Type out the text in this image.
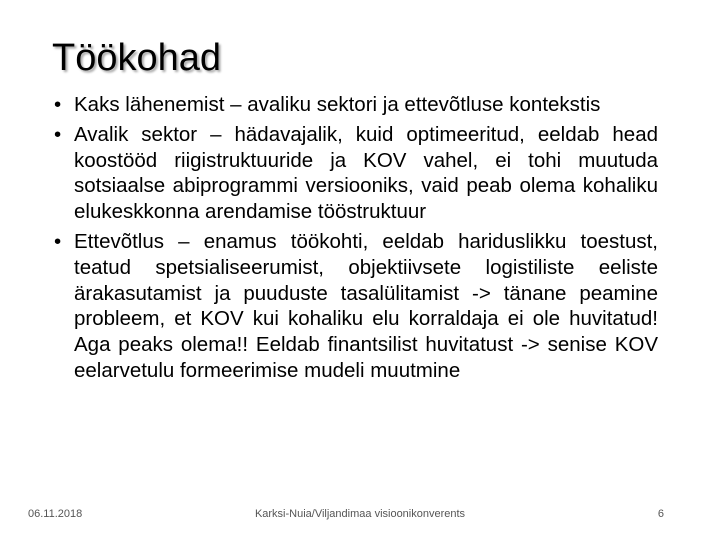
Töökohad
• Kaks lähenemist – avaliku sektori ja ettevõtluse kontekstis
• Avalik sektor – hädavajalik, kuid optimeeritud, eeldab head koostööd riigistruktuuride ja KOV vahel, ei tohi muutuda sotsiaalse abiprogrammi versiooniks, vaid peab olema kohaliku elukeskkonna arendamise tööstruktuur
• Ettevõtlus – enamus töökohti, eeldab hariduslikku toestust, teatud spetsialiseerumist, objektiivsete logistiliste eeliste ärakasutamist ja puuduste tasalülitamist -> tänane peamine probleem, et KOV kui kohaliku elu korraldaja ei ole huvitatud! Aga peaks olema!! Eeldab finantsilist huvitatust -> senise KOV eelarvetulu formeerimise mudeli muutmine
06.11.2018	Karksi-Nuia/Viljandimaa visioonikonverents	6
